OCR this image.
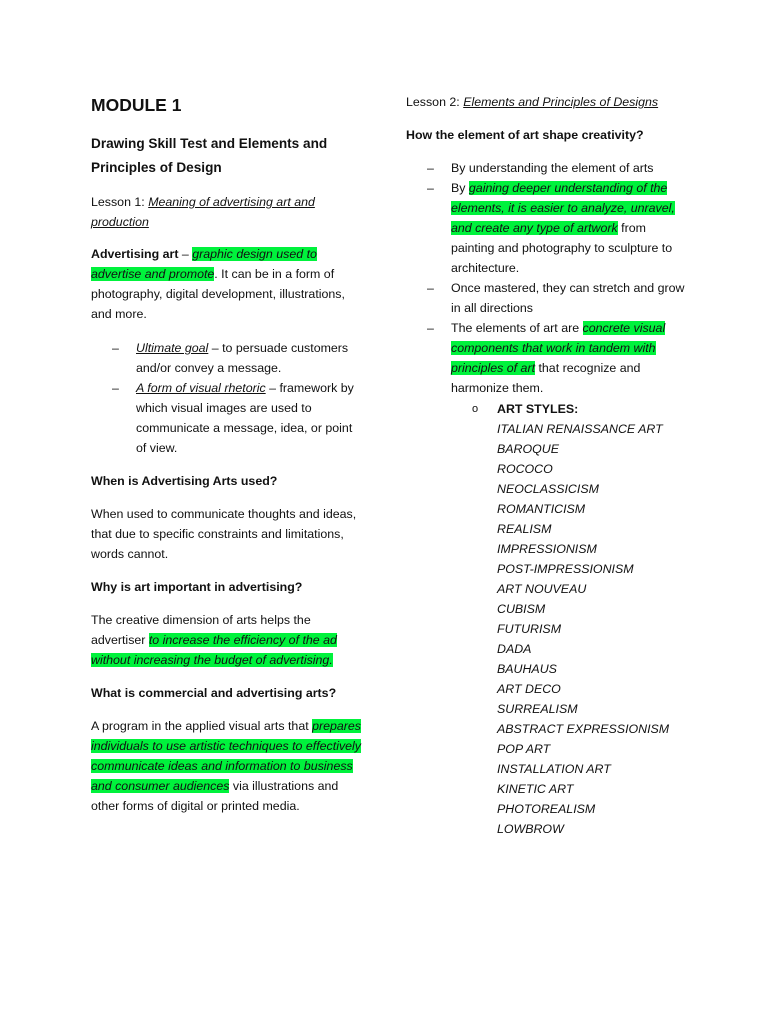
MODULE 1
Drawing Skill Test and Elements and Principles of Design

Lesson 1: Meaning of advertising art and production

Advertising art – graphic design used to advertise and promote. It can be in a form of photography, digital development, illustrations, and more.

– Ultimate goal – to persuade customers and/or convey a message.
– A form of visual rhetoric – framework by which visual images are used to communicate a message, idea, or point of view.

When is Advertising Arts used?

When used to communicate thoughts and ideas, that due to specific constraints and limitations, words cannot.

Why is art important in advertising?

The creative dimension of arts helps the advertiser to increase the efficiency of the ad without increasing the budget of advertising.

What is commercial and advertising arts?

A program in the applied visual arts that prepares individuals to use artistic techniques to effectively communicate ideas and information to business and consumer audiences via illustrations and other forms of digital or printed media.

Lesson 2: Elements and Principles of Designs

How the element of art shape creativity?

– By understanding the element of arts
– By gaining deeper understanding of the elements, it is easier to analyze, unravel, and create any type of artwork from painting and photography to sculpture to architecture.
– Once mastered, they can stretch and grow in all directions
– The elements of art are concrete visual components that work in tandem with principles of art that recognize and harmonize them.
o ART STYLES:
ITALIAN RENAISSANCE ART
BAROQUE
ROCOCO
NEOCLASSICISM
ROMANTICISM
REALISM
IMPRESSIONISM
POST-IMPRESSIONISM
ART NOUVEAU
CUBISM
FUTURISM
DADA
BAUHAUS
ART DECO
SURREALISM
ABSTRACT EXPRESSIONISM
POP ART
INSTALLATION ART
KINETIC ART
PHOTOREALISM
LOWBROW
